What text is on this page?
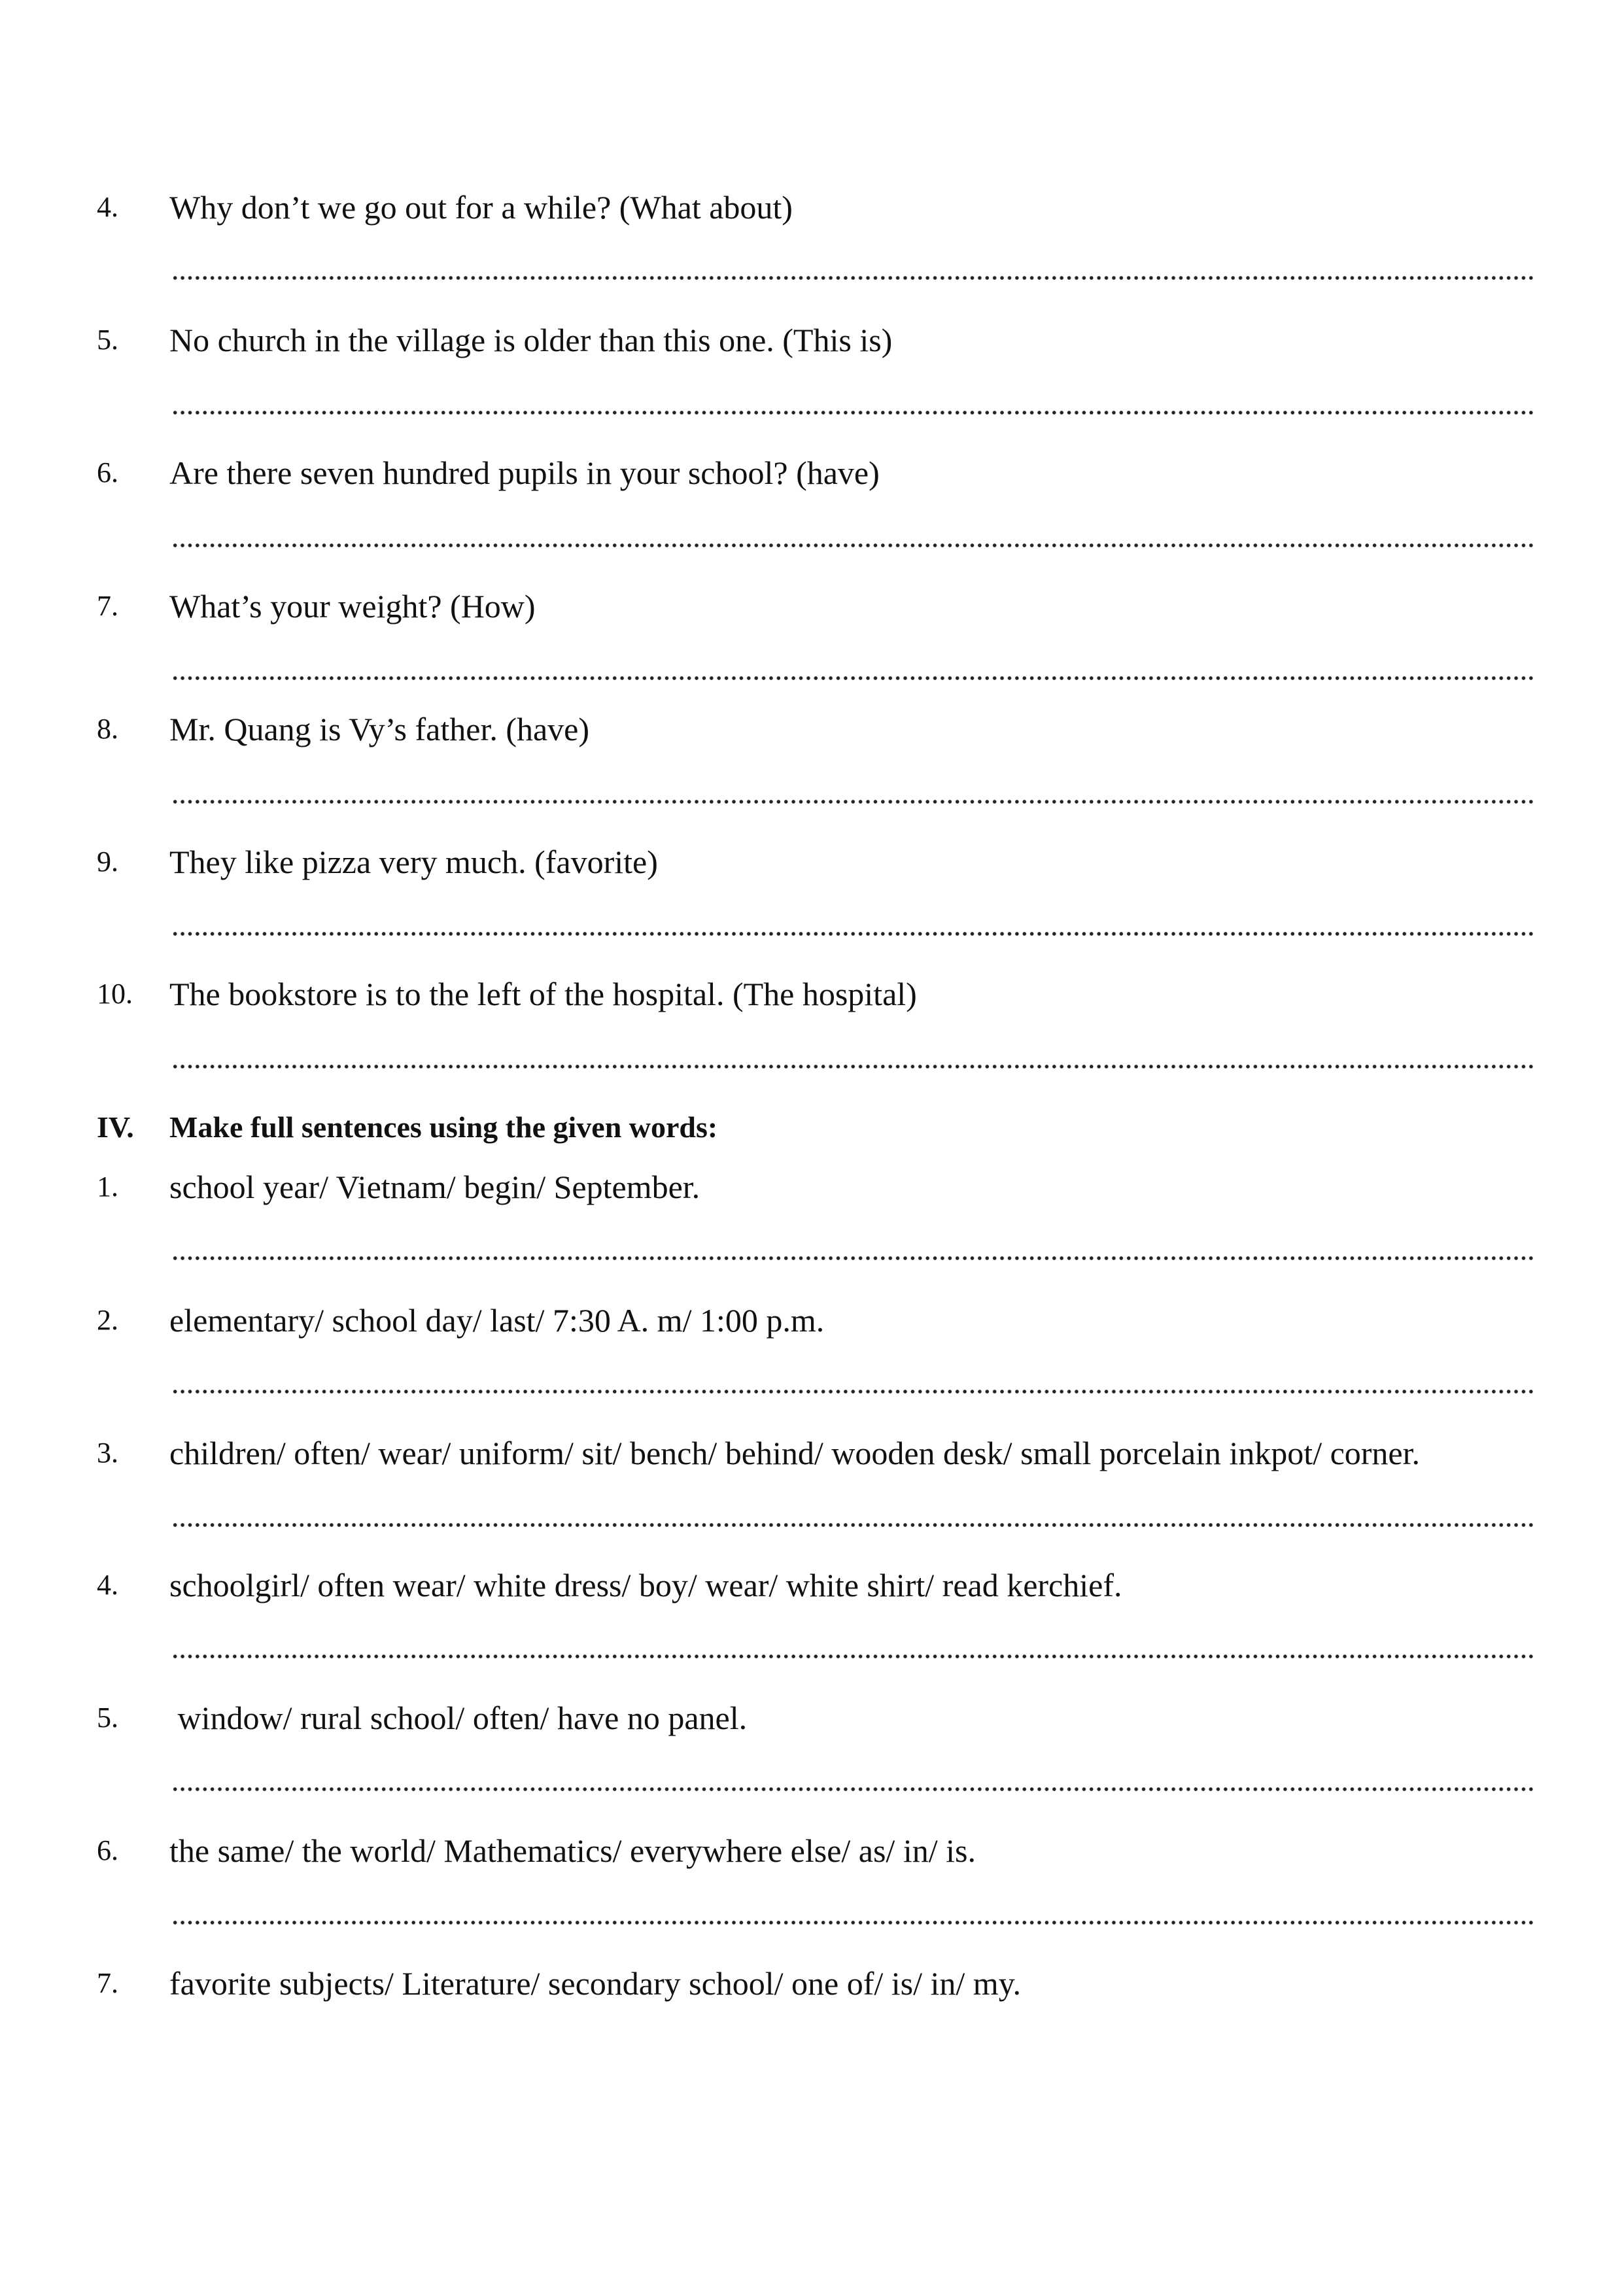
4. Why don’t we go out for a while? (What about)
5. No church in the village is older than this one. (This is)
6. Are there seven hundred pupils in your school? (have)
7. What’s your weight? (How)
8. Mr. Quang is Vy’s father. (have)
9. They like pizza very much. (favorite)
10. The bookstore is to the left of the hospital. (The hospital)
IV. Make full sentences using the given words:
1. school year/ Vietnam/ begin/ September.
2. elementary/ school day/ last/ 7:30 A. m/ 1:00 p.m.
3. children/ often/ wear/ uniform/ sit/ bench/ behind/ wooden desk/ small porcelain inkpot/ corner.
4. schoolgirl/ often wear/ white dress/ boy/ wear/ white shirt/ read kerchief.
5. window/ rural school/ often/ have no panel.
6. the same/ the world/ Mathematics/ everywhere else/ as/ in/ is.
7. favorite subjects/ Literature/ secondary school/ one of/ is/ in/ my.
